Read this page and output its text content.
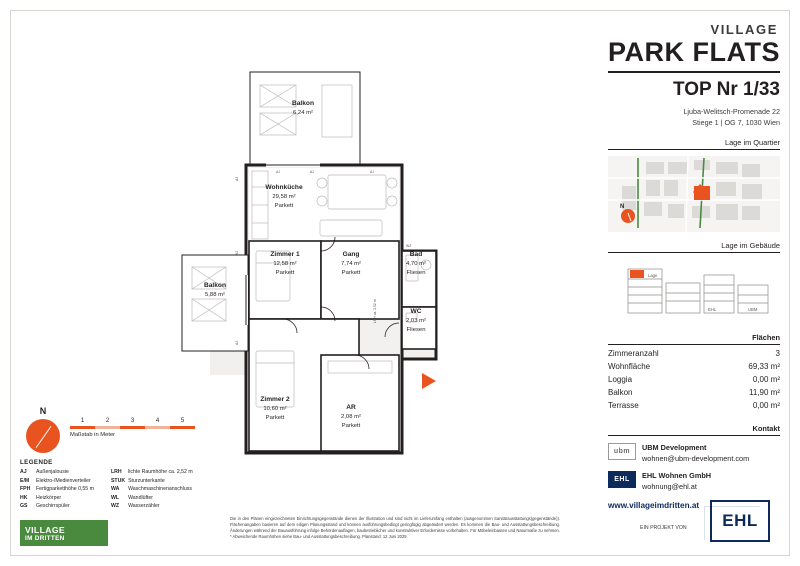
AJ	AJ
AJ
AJ
AJ
AJ
WZ
LRH ca. 2,52 m
Balkon
6,24 m²
Wohnküche
29,58 m²
Parkett
Zimmer 1
12,58 m²
Parkett
Gang
7,74 m²
Parkett
Bad
4,70 m²
Fliesen
WC
2,03 m²
Fliesen
Balkon
5,88 m²
Zimmer 2
10,60 m²
Parkett
AR
2,08 m²
Parkett
N
1	2	3	4	5
Maßstab in Meter
LEGENDE
AJ	Außenjalousie
E/M	Elektro-/Medienverteiler
FPH	Fertigparketthöhe 0,55 m
HK	Heizkörper
GS	Geschirrspüler
LRH	lichte Raumhöhe ca. 2,52 m
STUK	Sturzunterkante
WA	Waschmaschinenanschluss
WL	Wandlüfter
WZ	Wasserzähler
VILLAGE
PARK FLATS
TOP Nr 1/33
Ljuba-Welitsch-Promenade 22
Stiege 1 | OG 7, 1030 Wien
Lage im Quartier
N
Lage im Gebäude
Lage
EHL	UBM
Flächen
Zimmeranzahl	3
Wohnfläche	69,33 m²
Loggia	0,00 m²
Balkon	11,90 m²
Terrasse	0,00 m²
Kontakt
ubm	UBM Development
wohnen@ubm-development.com
EHL	EHL Wohnen GmbH
wohnung@ehl.at
www.villageimdritten.at
VILLAGE
IM DRITTEN
Die in den Plänen eingezeichneten Einrichtungsgegenstände dienen der Illustration und sind nicht im Lieferumfang enthalten (ausgenommen Sanitärausstattungs(gegenstände)). Flächenangaben basieren auf dem eiligen Planungsstand und können ausführungsbedingt geringfügig abgeändert werden. Es kommen die Bau- und Ausstattungsbeschreibung. Änderungen während der Bauausführung infolge Behördenauflagen, baubetrieblicher und konstruktiver Erfordernisse vorbehalten. Für Möbeleinbauten und Naturmaße zu nehmen. * Abweichende Raumhöhen siehe Bau- und Ausstattungsbeschreibung. Planstand: 12 Juni 2025
EIN PROJEKT VON	EHL
